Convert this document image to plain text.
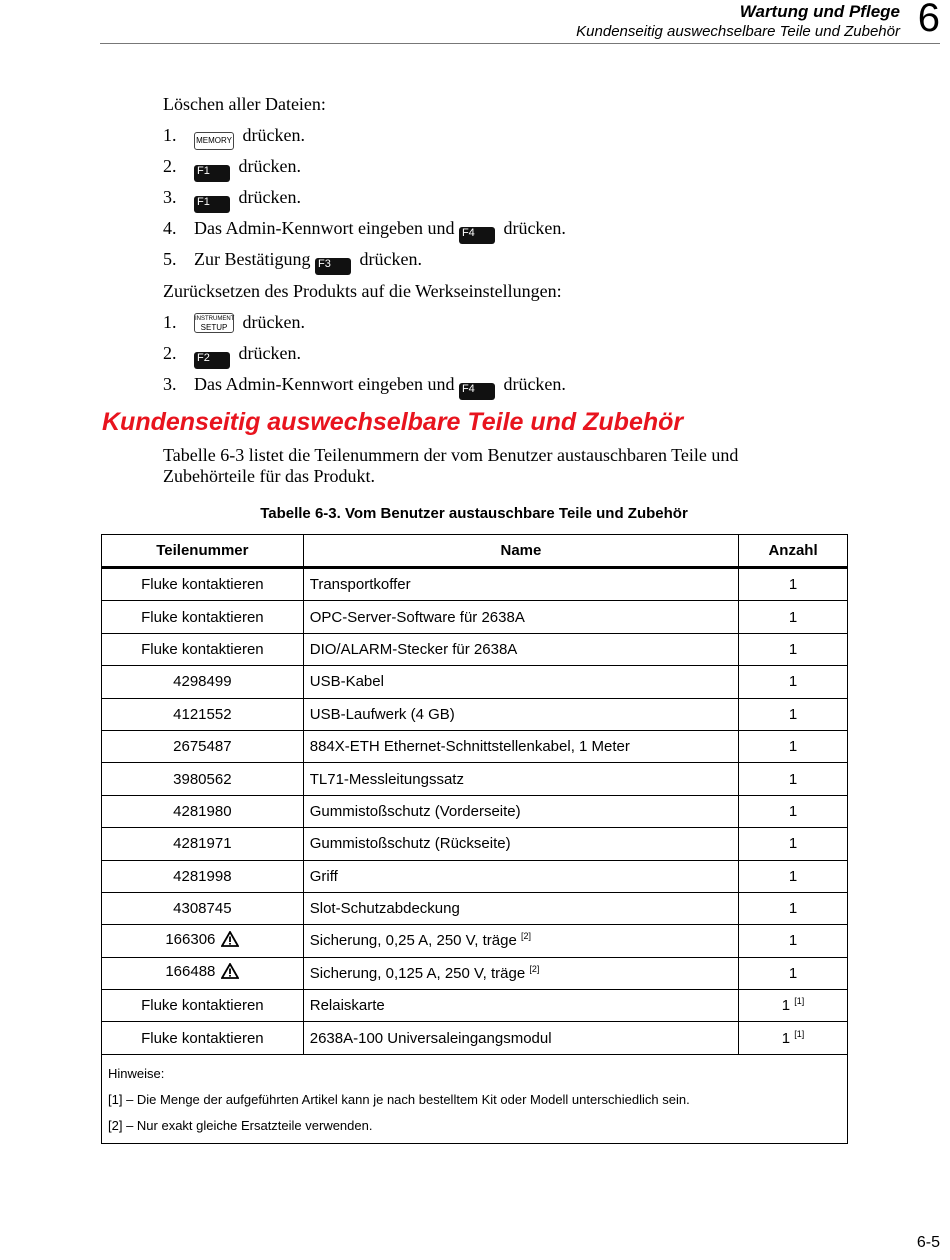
Wartung und Pflege
Kundenseitig auswechselbare Teile und Zubehör 6
Löschen aller Dateien:
1. MEMORY drücken.
2. F1 drücken.
3. F1 drücken.
4. Das Admin-Kennwort eingeben und F4 drücken.
5. Zur Bestätigung F3 drücken.
Zurücksetzen des Produkts auf die Werkseinstellungen:
1.	INSTRUMENT
SETUP drücken.
2. F2 drücken.
3. Das Admin-Kennwort eingeben und F4 drücken.
Kundenseitig auswechselbare Teile und Zubehör
Tabelle 6-3 listet die Teilenummern der vom Benutzer austauschbaren Teile und Zubehörteile für das Produkt.
Tabelle 6-3. Vom Benutzer austauschbare Teile und Zubehör
Teilenummer	Name	Anzahl
Fluke kontaktieren	Transportkoffer	1
Fluke kontaktieren	OPC-Server-Software für 2638A	1
Fluke kontaktieren	DIO/ALARM-Stecker für 2638A	1
4298499	USB-Kabel	1
4121552	USB-Laufwerk (4 GB)	1
2675487	884X-ETH Ethernet-Schnittstellenkabel, 1 Meter	1
3980562	TL71-Messleitungssatz	1
4281980	Gummistoßschutz (Vorderseite)	1
4281971	Gummistoßschutz (Rückseite)	1
4281998	Griff	1
4308745	Slot-Schutzabdeckung	1
166306	Sicherung, 0,25 A, 250 V, träge [2]	1
166488	Sicherung, 0,125 A, 250 V, träge [2]	1
Fluke kontaktieren	Relaiskarte	1 [1]
Fluke kontaktieren	2638A-100 Universaleingangsmodul	1 [1]

Hinweise:
[1] – Die Menge der aufgeführten Artikel kann je nach bestelltem Kit oder Modell unterschiedlich sein.
[2] – Nur exakt gleiche Ersatzteile verwenden.		
6-5
